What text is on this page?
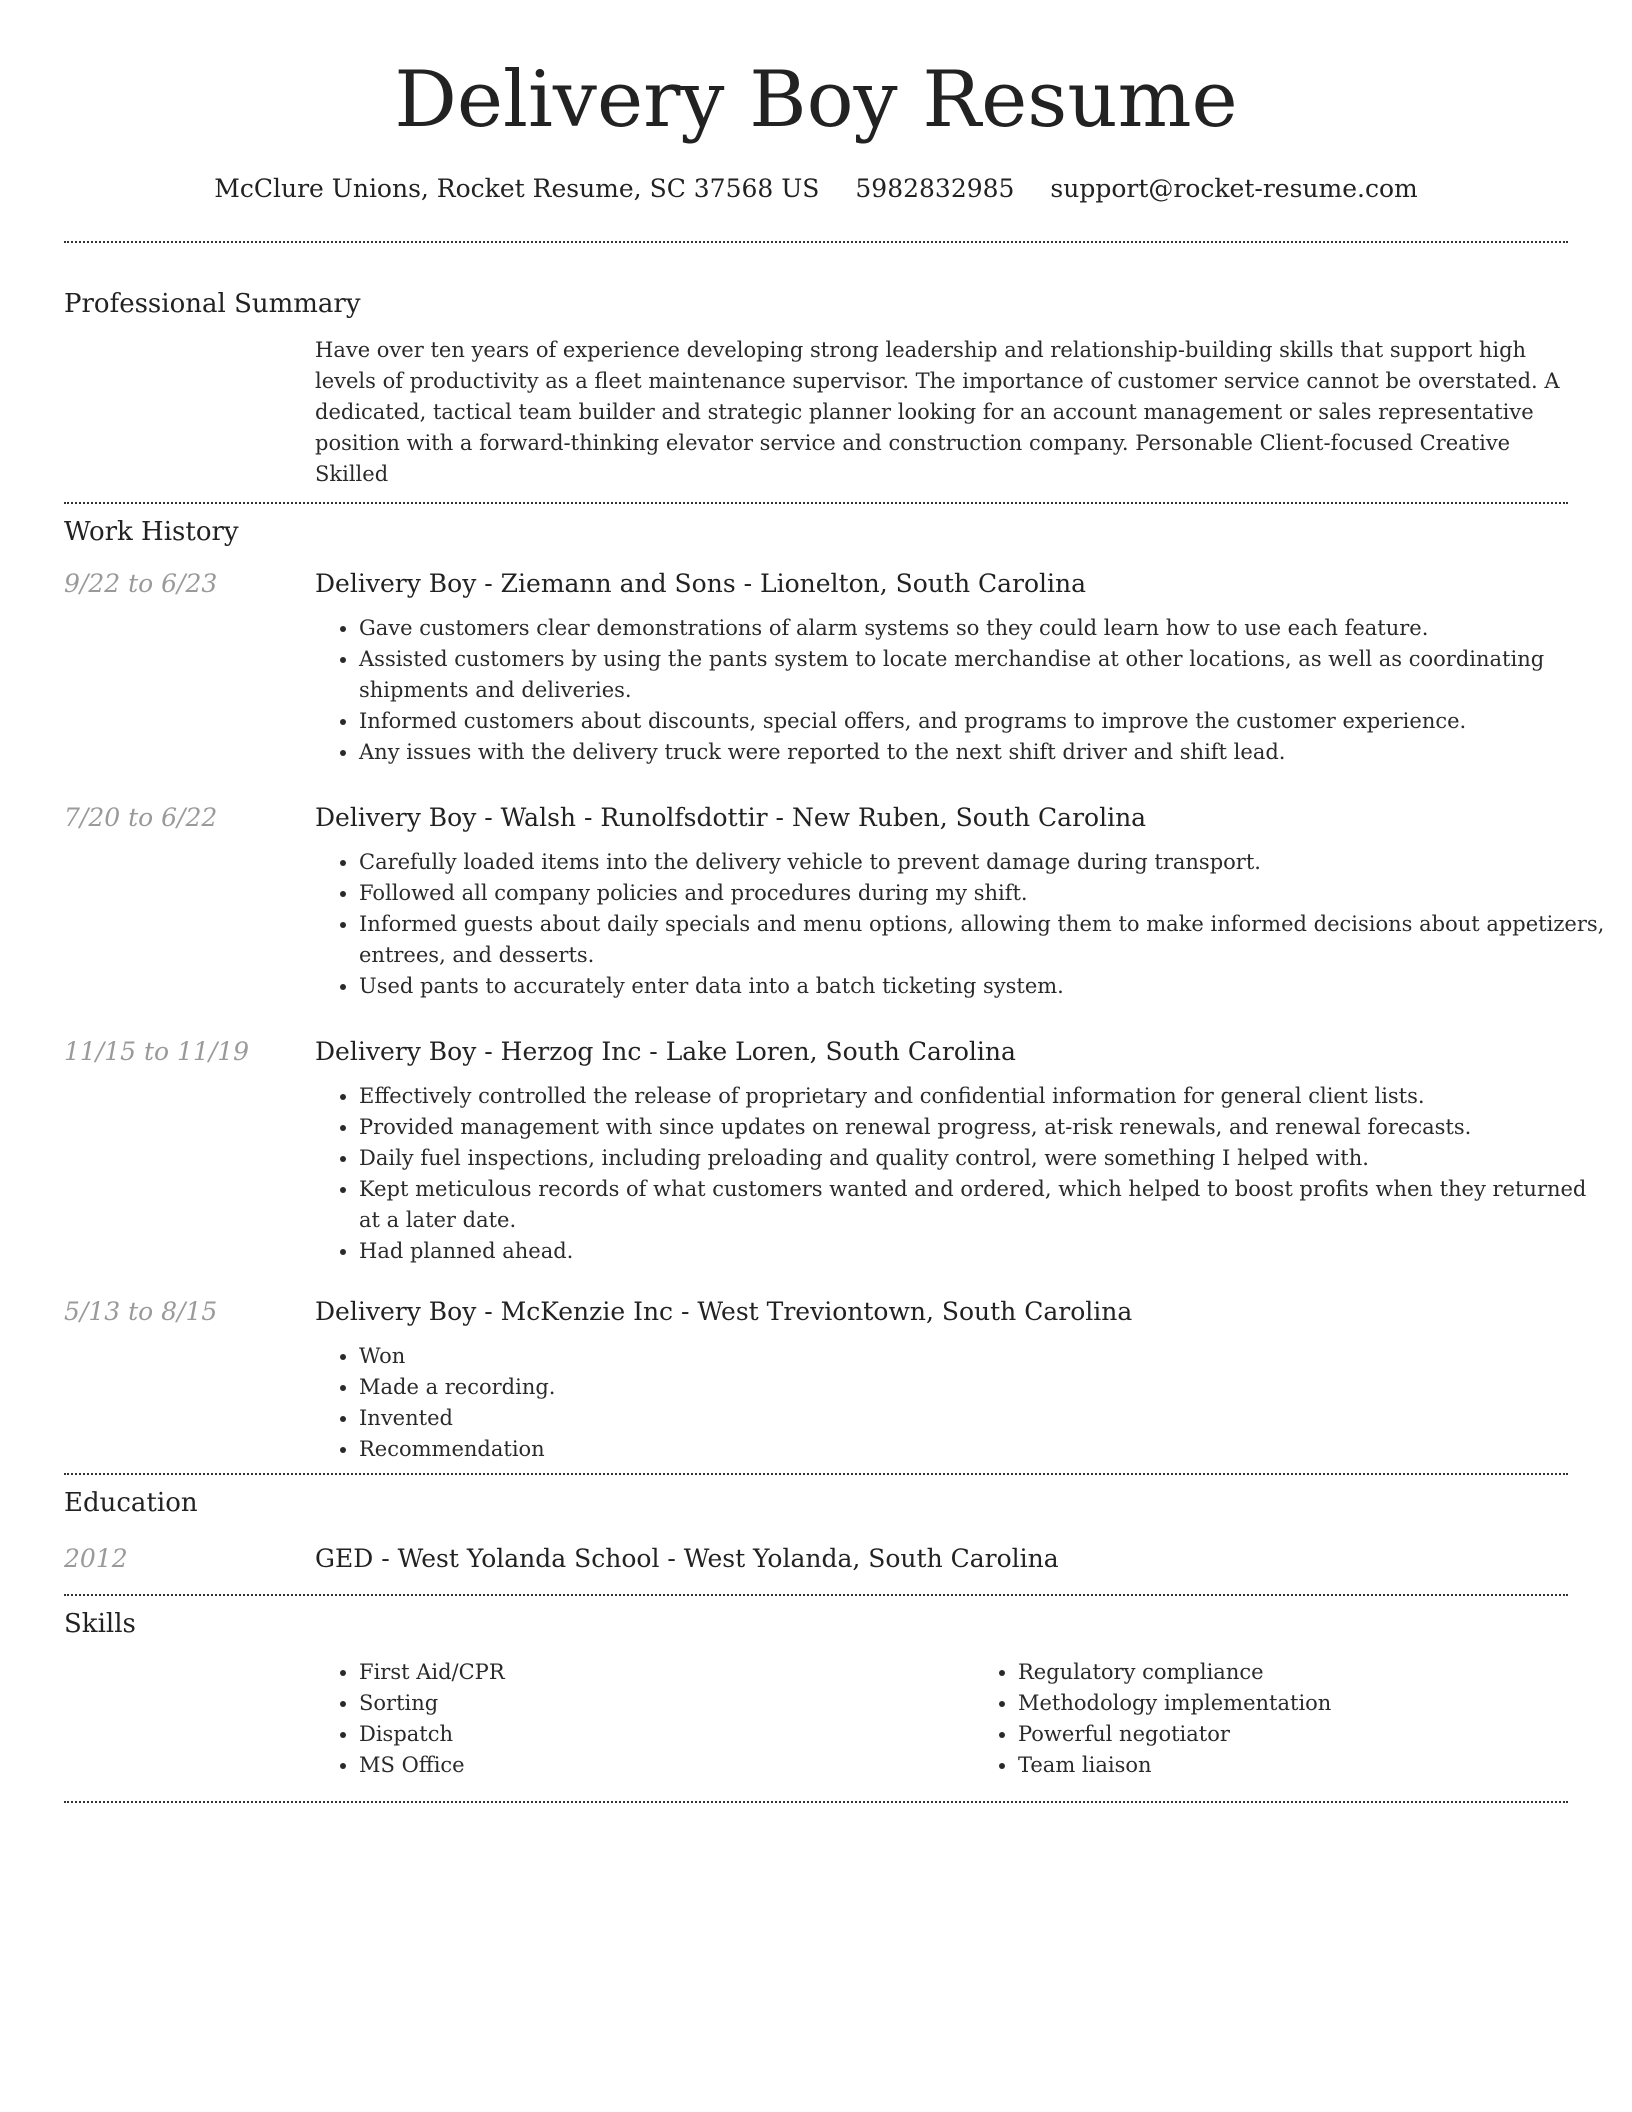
Delivery Boy Resume
McClure Unions, Rocket Resume, SC 37568 US 5982832985 support@rocket-resume.com
Professional Summary
Have over ten years of experience developing strong leadership and relationship-building skills that support high levels of productivity as a fleet maintenance supervisor. The importance of customer service cannot be overstated. A dedicated, tactical team builder and strategic planner looking for an account management or sales representative position with a forward-thinking elevator service and construction company. Personable Client-focused Creative Skilled
Work History
9/22 to 6/23	Delivery Boy - Ziemann and Sons - Lionelton, South Carolina
• Gave customers clear demonstrations of alarm systems so they could learn how to use each feature.
• Assisted customers by using the pants system to locate merchandise at other locations, as well as coordinating shipments and deliveries.
• Informed customers about discounts, special offers, and programs to improve the customer experience.
• Any issues with the delivery truck were reported to the next shift driver and shift lead.
7/20 to 6/22	Delivery Boy - Walsh - Runolfsdottir - New Ruben, South Carolina
• Carefully loaded items into the delivery vehicle to prevent damage during transport.
• Followed all company policies and procedures during my shift.
• Informed guests about daily specials and menu options, allowing them to make informed decisions about appetizers, entrees, and desserts.
• Used pants to accurately enter data into a batch ticketing system.
11/15 to 11/19	Delivery Boy - Herzog Inc - Lake Loren, South Carolina
• Effectively controlled the release of proprietary and confidential information for general client lists.
• Provided management with since updates on renewal progress, at-risk renewals, and renewal forecasts.
• Daily fuel inspections, including preloading and quality control, were something I helped with.
• Kept meticulous records of what customers wanted and ordered, which helped to boost profits when they returned at a later date.
• Had planned ahead.
5/13 to 8/15	Delivery Boy - McKenzie Inc - West Treviontown, South Carolina
• Won
• Made a recording.
• Invented
• Recommendation
Education
2012	GED - West Yolanda School - West Yolanda, South Carolina
Skills
• First Aid/CPR
• Sorting
• Dispatch
• MS Office
• Regulatory compliance
• Methodology implementation
• Powerful negotiator
• Team liaison
